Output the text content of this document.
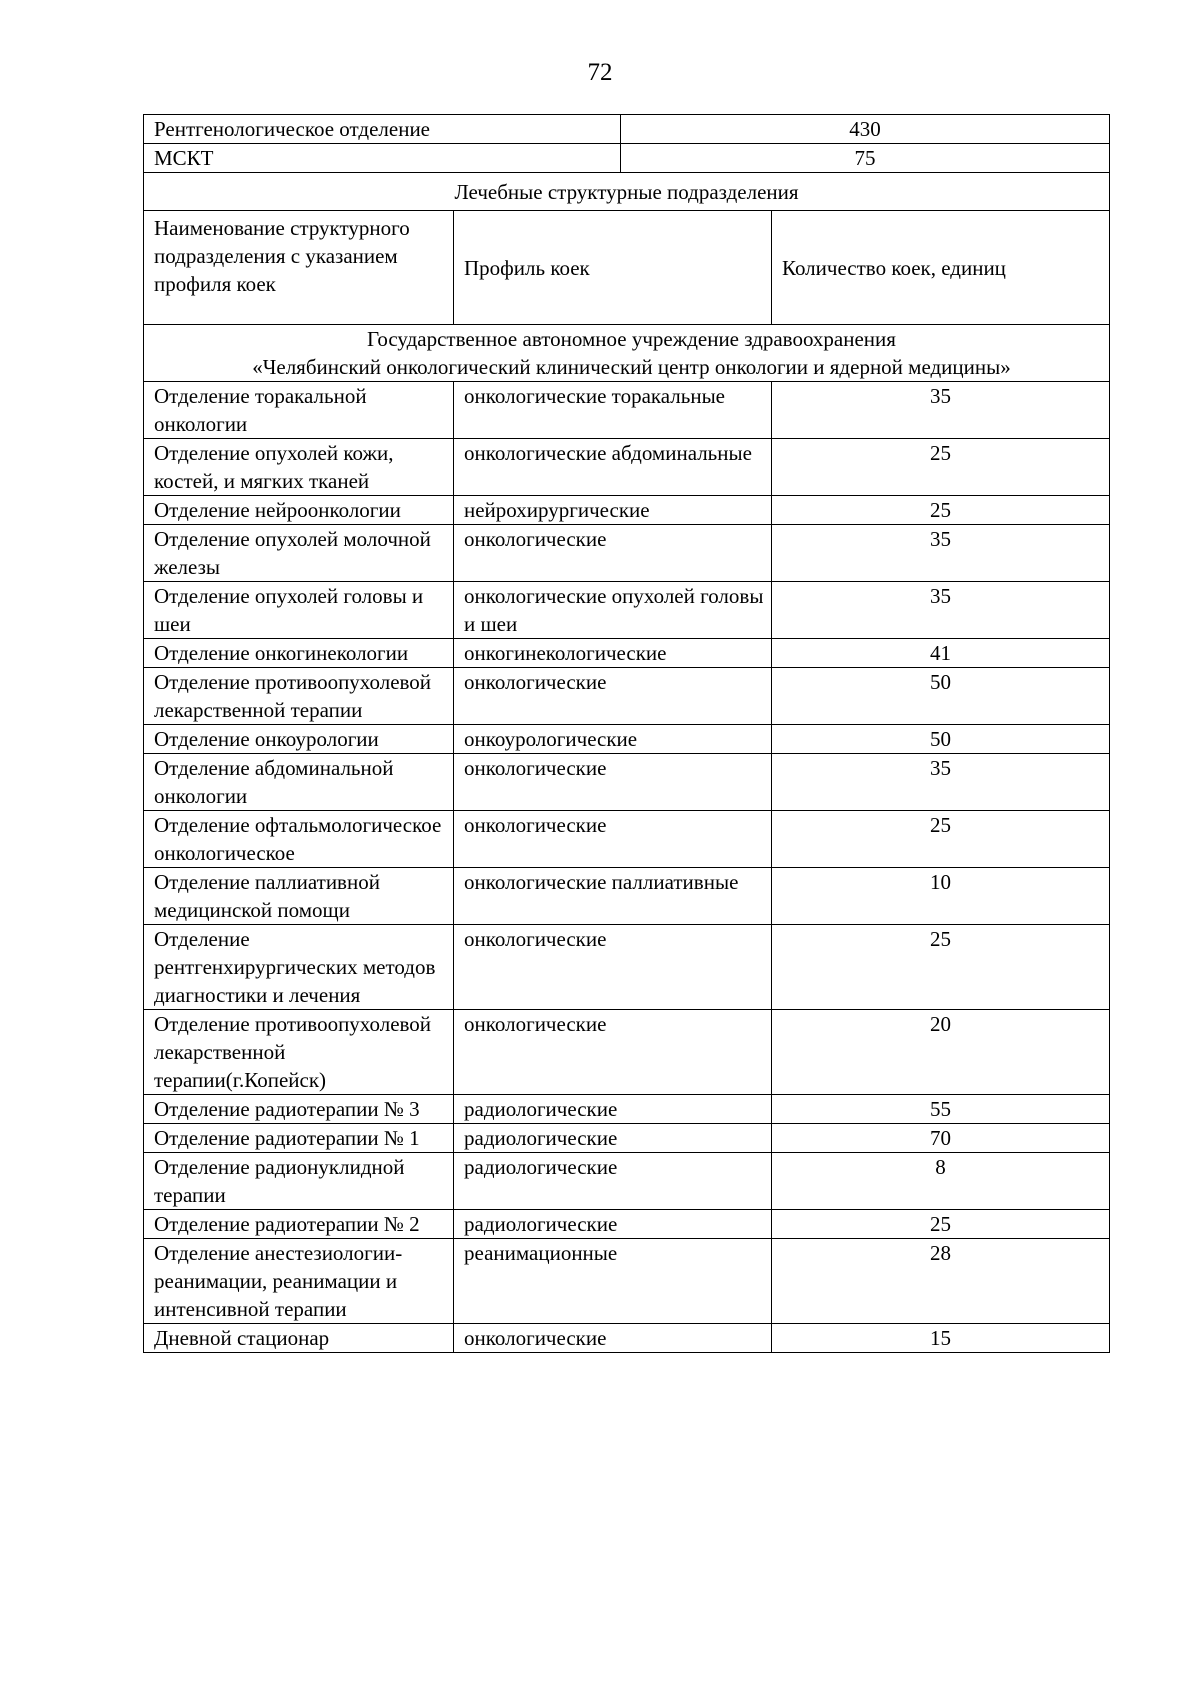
72
Рентгенологическое отделение	430
МСКТ	75
Лечебные структурные подразделения	
Наименование структурного подразделения с указанием профиля коек	Профиль коек	Количество коек, единиц

Государственное автономное учреждение здравоохранения
«Челябинский онкологический клинический центр онкологии и ядерной медицины»		

Отделение торакальной онкологии	онкологические торакальные	35
Отделение опухолей кожи, костей, и мягких тканей	онкологические абдоминальные	25
Отделение нейроонкологии	нейрохирургические	25
Отделение опухолей молочной железы	онкологические	35
Отделение опухолей головы и шеи	онкологические опухолей головы и шеи	35
Отделение онкогинекологии	онкогинекологические	41
Отделение противоопухолевой лекарственной терапии	онкологические	50
Отделение онкоурологии	онкоурологические	50
Отделение абдоминальной онкологии	онкологические	35
Отделение офтальмологическое онкологическое	онкологические	25
Отделение паллиативной медицинской помощи	онкологические паллиативные	10
Отделение рентгенхирургических методов диагностики и лечения	онкологические	25
Отделение противоопухолевой лекарственной терапии(г.Копейск)	онкологические	20
Отделение радиотерапии № 3	радиологические	55
Отделение радиотерапии № 1	радиологические	70
Отделение радионуклидной терапии	радиологические	8
Отделение радиотерапии № 2	радиологические	25
Отделение анестезиологии-реанимации, реанимации и интенсивной терапии	реанимационные	28
Дневной стационар	онкологические	15
